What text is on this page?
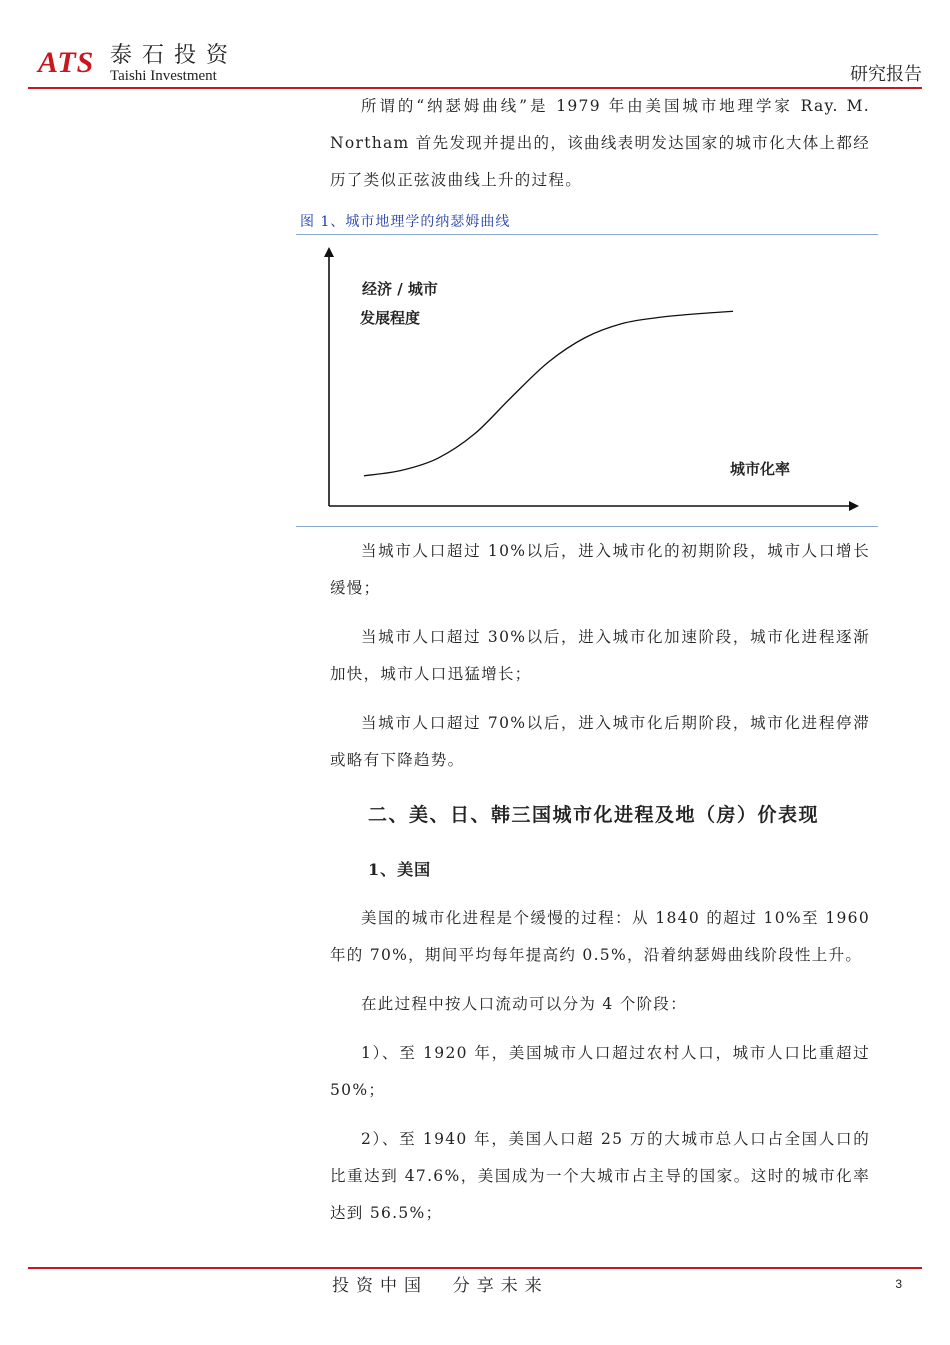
ATS 泰石投资
Taishi Investment	研究报告

所谓的“纳瑟姆曲线”是 1979 年由美国城市地理学家 Ray. M. Northam 首先发现并提出的，该曲线表明发达国家的城市化大体上都经历了类似正弦波曲线上升的过程。

图 1、城市地理学的纳瑟姆曲线
经济 / 城市
发展程度
城市化率

当城市人口超过 10%以后，进入城市化的初期阶段，城市人口增长缓慢；

当城市人口超过 30%以后，进入城市化加速阶段，城市化进程逐渐加快，城市人口迅猛增长；

当城市人口超过 70%以后，进入城市化后期阶段，城市化进程停滞或略有下降趋势。

二、美、日、韩三国城市化进程及地（房）价表现
1、美国

美国的城市化进程是个缓慢的过程：从 1840 的超过 10%至 1960 年的 70%，期间平均每年提高约 0.5%，沿着纳瑟姆曲线阶段性上升。

在此过程中按人口流动可以分为 4 个阶段：

1）、至 1920 年，美国城市人口超过农村人口，城市人口比重超过 50%；

2）、至 1940 年，美国人口超 25 万的大城市总人口占全国人口的比重达到 47.6%，美国成为一个大城市占主导的国家。这时的城市化率达到 56.5%；

投资中国  分享未来	3
